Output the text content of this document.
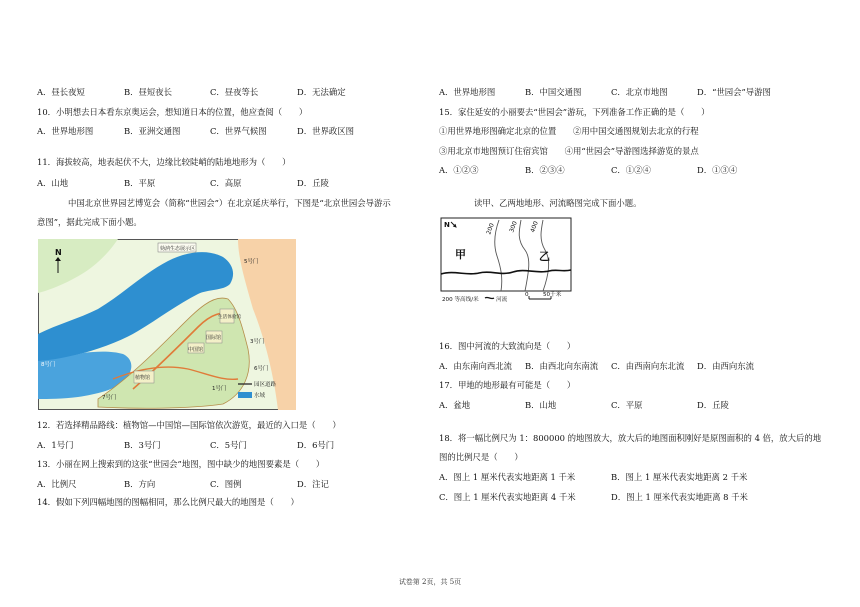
A．昼长夜短	B．昼短夜长	C．昼夜等长	D．无法确定
10．小明想去日本看东京奥运会，想知道日本的位置，他应查阅（　　）
A．世界地形图	B．亚洲交通图	C．世界气候图	D．世界政区图
11．海拔较高，地表起伏不大，边缘比较陡峭的陆地地形为（　　）
A．山地	B．平原	C．高原	D．丘陵
中国北京世界园艺博览会（简称“世园会”）在北京延庆举行，下图是“北京世园会导游示
意图”，据此完成下面小题。
妫汭生态展示区
N
5号门
3号门
6号门
1号门
7号门
8号门
中国馆
国际馆
植物馆
生活体验馆
园区道路
水域
12．若选择精品路线：植物馆—中国馆—国际馆依次游览，最近的入口是（　　）
A．1号门	B．3号门	C．5号门	D．6号门
13．小丽在网上搜索到的这张“世园会”地图，图中缺少的地图要素是（　　）
A．比例尺	B．方向	C．图例	D．注记
14．假如下列四幅地图的图幅相同，那么比例尺最大的地图是（　　）
A．世界地形图	B．中国交通图	C．北京市地图	D．“世园会”导游图
15．家住延安的小丽要去“世园会”游玩，下列准备工作正确的是（　　）
①用世界地形图确定北京的位置　　②用中国交通图规划去北京的行程
③用北京市地图预订住宿宾馆　　④用“世园会”导游图选择游览的景点
A．①②③	B．②③④	C．①②④	D．①③④
读甲、乙两地地形、河流略图完成下面小题。
N	200 300 400
甲	乙
200 等高线/米	河流
0	50千米
16．图中河流的大致流向是（　　）
A．由东南向西北流 B．由西北向东南流 C．由西南向东北流 D．由西向东流
17．甲地的地形最有可能是（　　）
A．盆地	B．山地	C．平原	D．丘陵
18．将一幅比例尺为 1：800000 的地图放大，放大后的地图面积刚好是原图面积的 4 倍，放大后的地
图的比例尺是（　　）
A．图上 1 厘米代表实地距离 1 千米	B．图上 1 厘米代表实地距离 2 千米
C．图上 1 厘米代表实地距离 4 千米	D．图上 1 厘米代表实地距离 8 千米
试卷第 2页，共 5页
